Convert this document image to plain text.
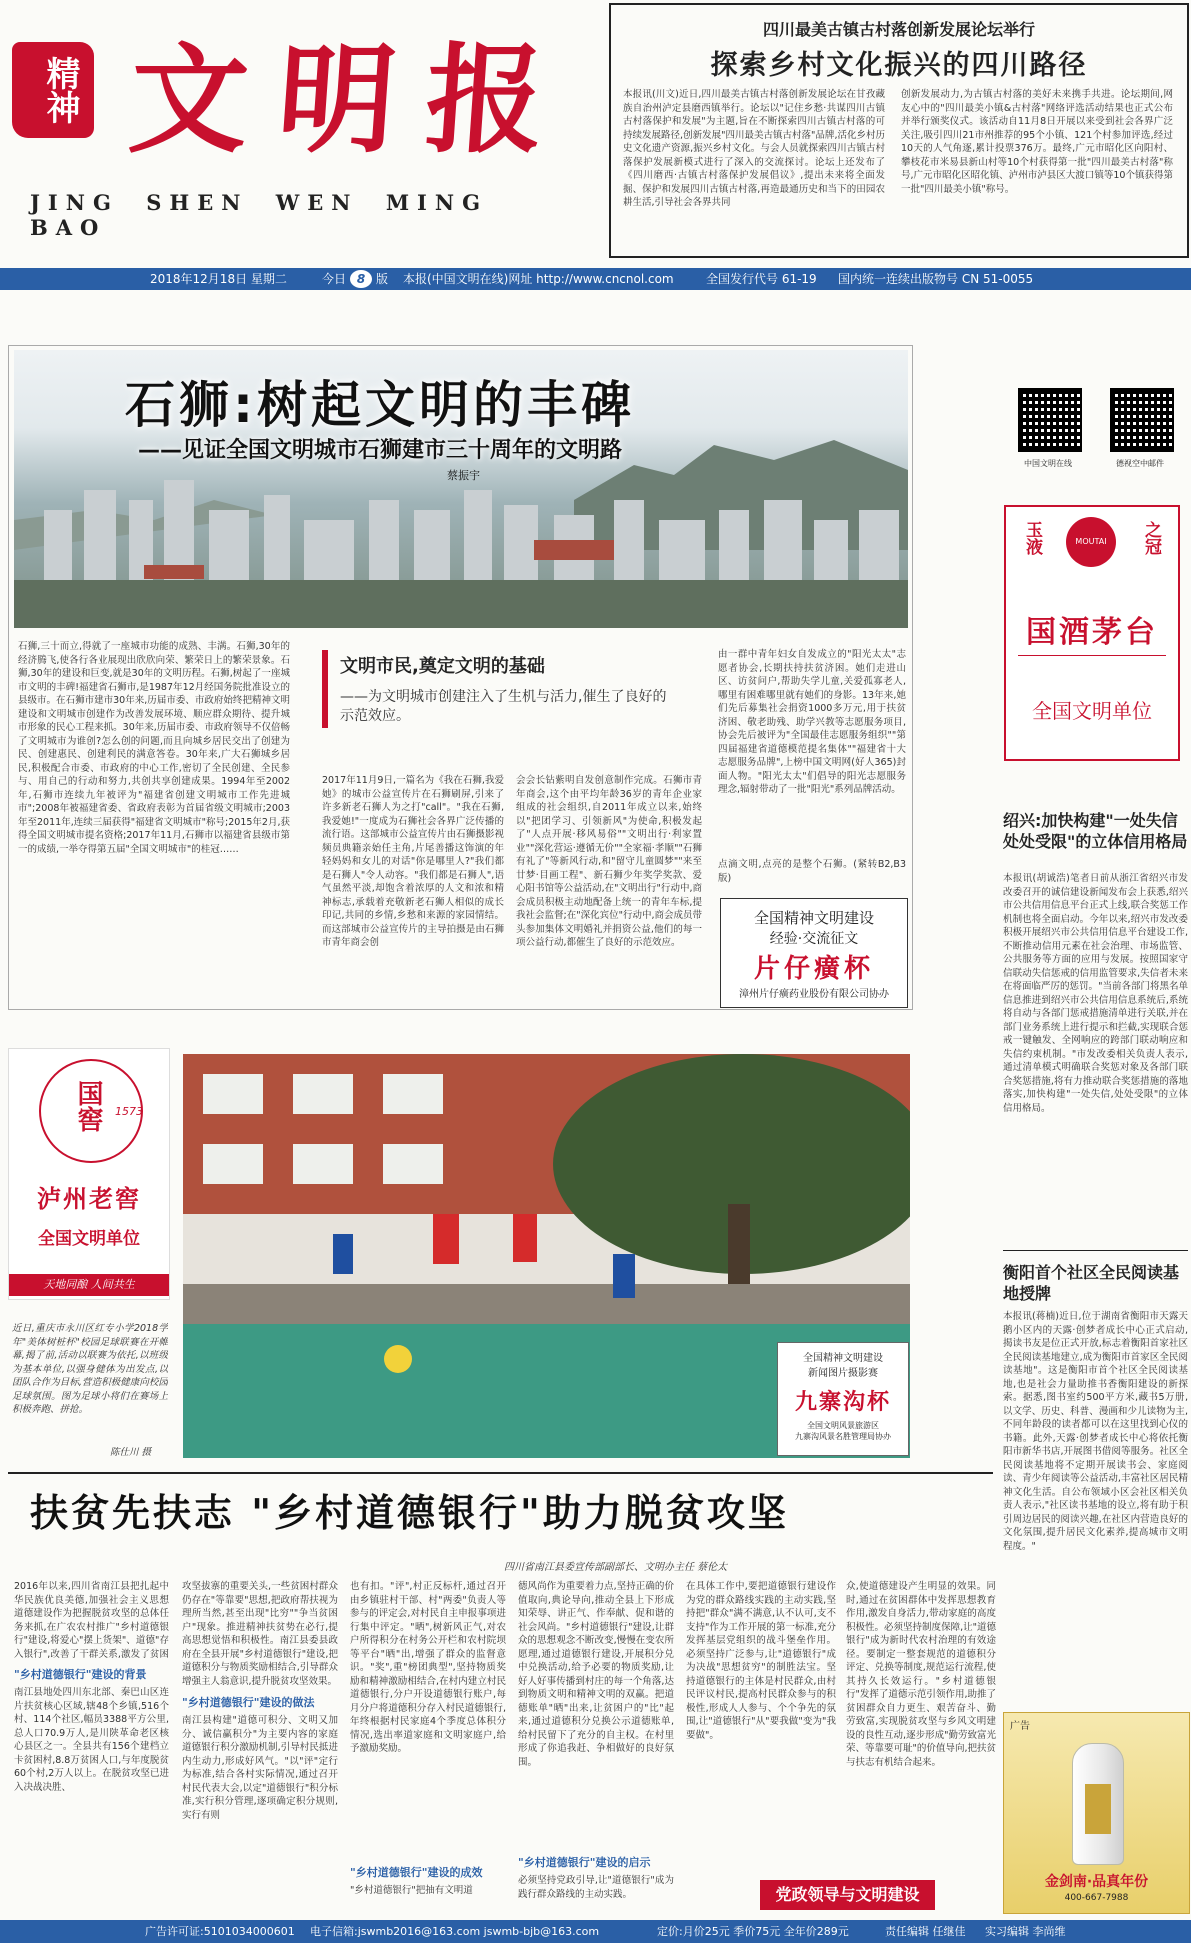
精神 文明报
JING SHEN WEN MING BAO
四川最美古镇古村落创新发展论坛举行
探索乡村文化振兴的四川路径
本报讯(川文)近日,四川最美古镇古村落创新发展论坛在甘孜藏族自治州泸定县磨西镇举行。论坛以"记住乡愁·共谋四川古镇古村落保护和发展"为主题,旨在不断探索四川古镇古村落的可持续发展路径,创新发展"四川最美古镇古村落"品牌,活化乡村历史文化遗产资源,振兴乡村文化。与会人员就探索四川古镇古村落保护发展新模式进行了深入的交流探讨。论坛上还发布了《四川磨西·古镇古村落保护发展倡议》,提出未来将全面发掘、保护和发展四川古镇古村落,再造最通历史和当下的田园农耕生活,引导社会各界共同
创新发展动力,为古镇古村落的美好未来携手共进。论坛期间,网友心中的"四川最美小镇&古村落"网络评选活动结果也正式公布并举行颁奖仪式。该活动自11月8日开展以来受到社会各界广泛关注,吸引四川21市州推荐的95个小镇、121个村参加评选,经过10天的人气角逐,累计投票376万。最终,广元市昭化区向阳村、攀枝花市米易县新山村等10个村获得第一批"四川最美古村落"称号,广元市昭化区昭化镇、泸州市泸县区大渡口镇等10个镇获得第一批"四川最美小镇"称号。
2018年12月18日 星期二	今日 8 版 本报(中国文明在线)网址 http://www.cncnol.com	全国发行代号 61-19 国内统一连续出版物号 CN 51-0055
石狮:树起文明的丰碑
——见证全国文明城市石狮建市三十周年的文明路
蔡振宇
石狮,三十而立,得就了一座城市功能的成熟、丰满。石狮,30年的经济腾飞,使各行各业展现出欣欣向荣、繁荣日上的繁荣景象。石狮,30年的建设和巨变,就是30年的文明历程。石狮,树起了一座城市文明的丰碑!福建省石狮市,是1987年12月经国务院批准设立的县级市。在石狮市建市30年来,历届市委、市政府始终把精神文明建设和文明城市创建作为改善发展环境、顺应群众期待、提升城市形象的民心工程来抓。30年来,历届市委、市政府领导不仅倍畅了文明城市为谁创?怎么创的问题,而且向城乡居民交出了创建为民、创建惠民、创建利民的满意答卷。30年来,广大石狮城乡居民,积极配合市委、市政府的中心工作,密切了全民创建、全民参与、用自己的行动和努力,共创共享创建成果。1994年至2002年,石狮市连续九年被评为"福建省创建文明城市工作先进城市";2008年被福建省委、省政府表彰为首届省级文明城市;2003年至2011年,连续三届获得"福建省文明城市"称号;2015年2月,获得全国文明城市提名资格;2017年11月,石狮市以福建省县级市第一的成绩,一举夺得第五届"全国文明城市"的桂冠……
文明市民,奠定文明的基础
——为文明城市创建注入了生机与活力,催生了良好的示范效应。
2017年11月9日,一篇名为《我在石狮,我爱她》的城市公益宣传片在石狮刷屏,引来了许多新老石狮人为之打"call"。"我在石狮,我爱她!"一度成为石狮社会各界广泛传播的流行语。这部城市公益宣传片由石狮摄影视频员典籍亲始任主角,片尾善播这饰演的年轻妈妈和女儿的对话"你是哪里人?"我们都是石狮人"令人动容。"我们都是石狮人",语气虽然平淡,却饱含着浓厚的人文和浓和精神标志,承载着充敬新老石狮人相似的成长印记,共同的乡情,乡愁和来源的家园情结。而这部城市公益宣传片的主导拍摄是由石狮市青年商会创
会会长钻紫明自发创意制作完成。石狮市青年商会,这个由平均年龄36岁的青年企业家组成的社会组织,自2011年成立以来,始终以"把团学习、引领新风"为使命,积极发起了"人点开展·移风易俗""文明出行·利家置业""深化营运·遵循无价""全家福·孝顺""石狮有礼了"等新风行动,和"留守儿童圆梦""来至廿梦·目画工程"、新石狮少年奖学奖款、爱心阳书馆等公益活动,在"文明出行"行动中,商会成员积极主动地配备上统一的青年车标,提我社会监督;在"深化宾位"行动中,商会成员带头参加集体文明婚礼并捐资公益,他们的每一项公益行动,都催生了良好的示范效应。
由一群中青年妇女自发成立的"阳光太太"志愿者协会,长期扶持扶贫济困。她们走进山区、访贫问户,帮助失学儿童,关爱孤寡老人,哪里有困难哪里就有她们的身影。13年来,她们先后募集社会捐资1000多万元,用于扶贫济困、敬老助残、助学兴教等志愿服务项目,协会先后被评为"全国最佳志愿服务组织""第四届福建省道德模范提名集体""福建省十大志愿服务品牌",上榜中国文明网(好人365)封面人物。"阳光太太"们倡导的阳光志愿服务理念,辐射带动了一批"阳光"系列品牌活动。
点滴文明,点亮的是整个石狮。(紧转B2,B3版)
全国精神文明建设
经验·交流征文
片仔癀杯
漳州片仔癀药业股份有限公司协办
中国文明在线	德视空中邮件
玉液	之冠
MOUTAI
国酒茅台
全国文明单位
绍兴:加快构建"一处失信处处受限"的立体信用格局
本报讯(胡诚浩)笔者日前从浙江省绍兴市发改委召开的诚信建设新闻发布会上获悉,绍兴市公共信用信息平台正式上线,联合奖惩工作机制也将全面启动。今年以来,绍兴市发改委积极开展绍兴市公共信用信息平台建设工作,不断推动信用元素在社会治理、市场监管、公共服务等方面的应用与发展。按照国家守信联动失信惩戒的信用监管要求,失信者未来在将面临严厉的惩罚。"当前各部门将黑名单信息推进到绍兴市公共信用信息系统后,系统将自动与各部门惩戒措施清单进行关联,并在部门业务系统上进行提示和拦截,实现联合惩戒一键触发、全网响应的跨部门联动响应和失信约束机制。"市发改委相关负责人表示,通过清单模式明确联合奖惩对象及各部门联合奖惩措施,将有力推动联合奖惩措施的落地落实,加快构建"一处失信,处处受限"的立体信用格局。
衡阳首个社区全民阅读基地授牌
本报讯(蒋楠)近日,位于湖南省衡阳市天露天鹅小区内的天露·创梦者成长中心正式启动,揭读书友是位正式开放,标志着衡阳首家社区全民阅读基地建立,成为衡阳市首家区全民阅读基地"。这是衡阳市首个社区全民阅读基地,也是社会力量助推书香衡阳建设的新探索。据悉,图书室约500平方米,藏书5万册,以文学、历史、科普、漫画和少儿读物为主,不同年龄段的读者都可以在这里找到心仪的书籍。此外,天露·创梦者成长中心将依托衡阳市新华书店,开展图书借阅等服务。社区全民阅读基地将不定期开展读书会、家庭阅读、青少年阅读等公益活动,丰富社区居民精神文化生活。自公布领域小区会社区相关负责人表示,"社区读书基地的设立,将有助于积引周边居民的阅读兴趣,在社区内营造良好的文化氛围,提升居民文化素养,提高城市文明程度。"
广告
金剑南·品真年份
400-667-7988
国窖 1573
泸州老窖
全国文明单位
天地同酿 人间共生
近日,重庆市永川区红专小学2018学年"美体树桩杯"校园足球联赛在开帷幕,揭了前,活动以联赛为依托,以班级为基本单位,以强身健体为出发点,以团队合作为目标,营造积极健康向校园足球氛围。图为足球小将们在赛场上积极奔跑、拼抢。
陈仕川 摄
全国精神文明建设
新闻图片摄影赛
九寨沟杯
全国文明风景旅游区
九寨沟风景名胜管理局协办
扶贫先扶志 "乡村道德银行"助力脱贫攻坚
四川省南江县委宣传部副部长、文明办主任 蔡伦太
2016年以来,四川省南江县把扎起中华民族优良美德,加强社会主义思想道德建设作为把握脱贫攻坚的总体任务来抓,在广农农村推广"乡村道德银行"建设,将爱心"摆上货架"、道德"存入银行",改善了干群关系,激发了贫困
"乡村道德银行"建设的背景
南江县地处四川东北部、秦巴山区连片扶贫核心区域,辖48个乡镇,516个村、114个社区,幅员3388平方公里,总人口70.9万人,是川陕革命老区核心县区之一。全县共有156个建档立卡贫困村,8.8万贫困人口,与年度脱贫60个村,2万人以上。在脱贫攻坚已进入决战决胜、
攻坚拔寨的重要关头,一些贫困村群众仍存在"等靠要"思想,把政府帮扶视为理所当然,甚至出现"比穷""争当贫困户"现象。推进精神扶贫势在必行,提高思想觉悟和积极性。南江县委县政府在全县开展"乡村道德银行"建设,把道德积分与物质奖励相结合,引导群众增强主人翁意识,提升脱贫攻坚效果。
"乡村道德银行"建设的做法
南江县构建"道德可积分、文明又加分、诚信赢积分"为主要内容的家庭道德银行积分激励机制,引导村民抵进内生动力,形成好风气。"以"评"定行为标准,结合各村实际情况,通过召开村民代表大会,以定"道德银行"积分标准,实行积分管理,逐项确定积分规则,实行有则
也有扣。"评",村正反标杆,通过召开由乡镇驻村干部、村"两委"负责人等参与的评定会,对村民自主申报事项进行集中评定。"晒",树新风正气,对农户所得积分在村务公开栏和农村院坝等平台"晒"出,增强了群众的监督意识。"奖",重"榜团典型",坚持物质奖励和精神激励相结合,在村内建立村民道德银行,分户开设道德银行账户,每月分户将道德积分存入村民道德银行,年终根据村民家庭4个季度总体积分情况,选出率道家庭和文明家庭户,给予激励奖励。
"乡村道德银行"建设的成效
"乡村道德银行"把抽有文明道
德风尚作为重要着力点,坚持正确的价值取向,典论导向,推动全县上下形成知荣辱、讲正气、作奉献、促和谐的社会风尚。"乡村道德银行"建设,让群众的思想观念不断改变,慢慢在变农所愿理,通过道德银行建设,开展积分兑中兑换活动,给予必要的物质奖励,让好人好事传播到村庄的每一个角落,达到物质文明和精神文明的双赢。把道德账单"晒"出来,让贫困户的"比"起来,通过道德积分兑换公示道德账单,给村民留下了充分的自主权。在村里形成了你追我赶、争相做好的良好氛围。
"乡村道德银行"建设的启示
必须坚持党政引导,让"道德银行"成为践行群众路线的主动实践。
在具体工作中,要把道德银行建设作为党的群众路线实践的主动实践,坚持把"群众"满不满意,认不认可,支不支持"作为工作开展的第一标准,充分发挥基层党组织的战斗堡垒作用。必须坚持广泛参与,让"道德银行"成为决战"思想贫穷"的制胜法宝。坚持道德银行的主体是村民群众,由村民评议村民,提高村民群众参与的积极性,形成人人参与、个个争先的氛围,让"道德银行"从"要我做"变为"我要做"。
众,使道德建设产生明显的效果。同时,通过在贫困群体中发挥思想教育作用,激发自身活力,带动家庭的高度积极性。必须坚持制度保障,让"道德银行"成为新时代农村治理的有效途径。要制定一整套规范的道德积分评定、兑换等制度,规范运行流程,使其持久长效运行。"乡村道德银行"发挥了道德示范引领作用,助推了贫困群众自力更生、艰苦奋斗、勤劳致富,实现脱贫攻坚与乡风文明建设的良性互动,逐步形成"勤劳致富光荣、等靠要可耻"的价值导向,把扶贫与扶志有机结合起来。
党政领导与文明建设
广告许可证:5101034000601 电子信箱:jswmb2016@163.com jswmb-bjb@163.com	定价:月价25元 季价75元 全年价289元	责任编辑 任继佳 实习编辑 李尚维
